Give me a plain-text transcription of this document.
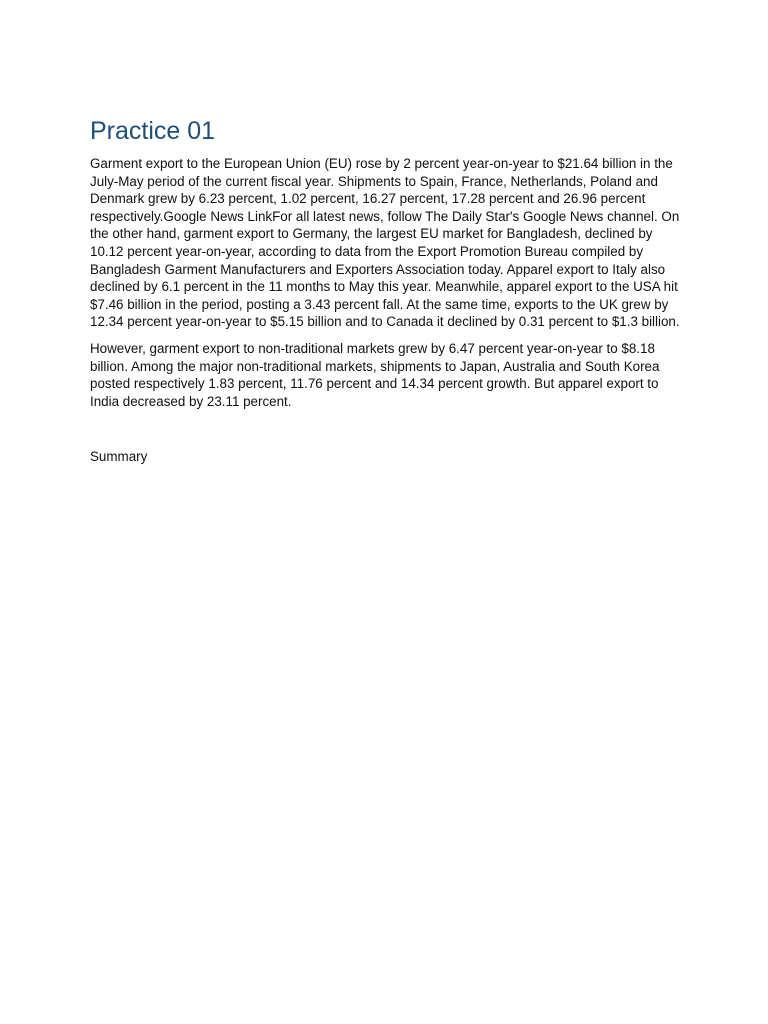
Practice 01

Garment export to the European Union (EU) rose by 2 percent year-on-year to $21.64 billion in the July-May period of the current fiscal year. Shipments to Spain, France, Netherlands, Poland and Denmark grew by 6.23 percent, 1.02 percent, 16.27 percent, 17.28 percent and 26.96 percent respectively.Google News LinkFor all latest news, follow The Daily Star's Google News channel. On the other hand, garment export to Germany, the largest EU market for Bangladesh, declined by 10.12 percent year-on-year, according to data from the Export Promotion Bureau compiled by Bangladesh Garment Manufacturers and Exporters Association today. Apparel export to Italy also declined by 6.1 percent in the 11 months to May this year. Meanwhile, apparel export to the USA hit $7.46 billion in the period, posting a 3.43 percent fall. At the same time, exports to the UK grew by 12.34 percent year-on-year to $5.15 billion and to Canada it declined by 0.31 percent to $1.3 billion.

However, garment export to non-traditional markets grew by 6.47 percent year-on-year to $8.18 billion. Among the major non-traditional markets, shipments to Japan, Australia and South Korea posted respectively 1.83 percent, 11.76 percent and 14.34 percent growth. But apparel export to India decreased by 23.11 percent.

Summary
